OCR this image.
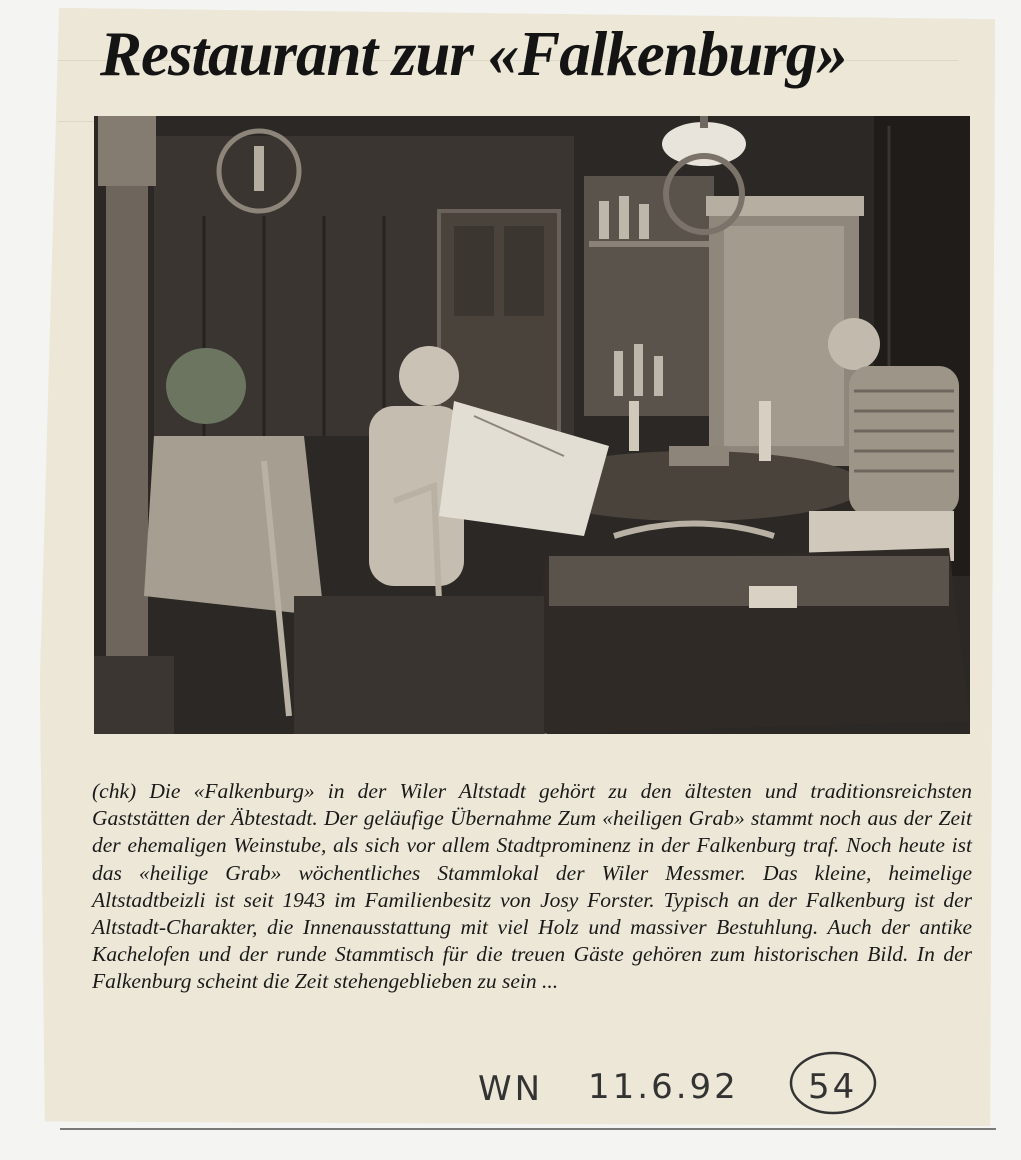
Restaurant zur «Falkenburg»

(chk) Die «Falkenburg» in der Wiler Altstadt gehört zu den ältesten und traditionsreichsten Gaststätten der Äbtestadt. Der geläufige Übernahme Zum «heiligen Grab» stammt noch aus der Zeit der ehemaligen Weinstube, als sich vor allem Stadtprominenz in der Falkenburg traf. Noch heute ist das «heilige Grab» wöchentliches Stammlokal der Wiler Messmer. Das kleine, heimelige Altstadtbeizli ist seit 1943 im Familienbesitz von Josy Forster. Typisch an der Falkenburg ist der Altstadt-Charakter, die Innenausstattung mit viel Holz und massiver Bestuhlung. Auch der antike Kachelofen und der runde Stammtisch für die treuen Gäste gehören zum historischen Bild. In der Falkenburg scheint die Zeit stehengeblieben zu sein ...

WN 11.6.92 54
